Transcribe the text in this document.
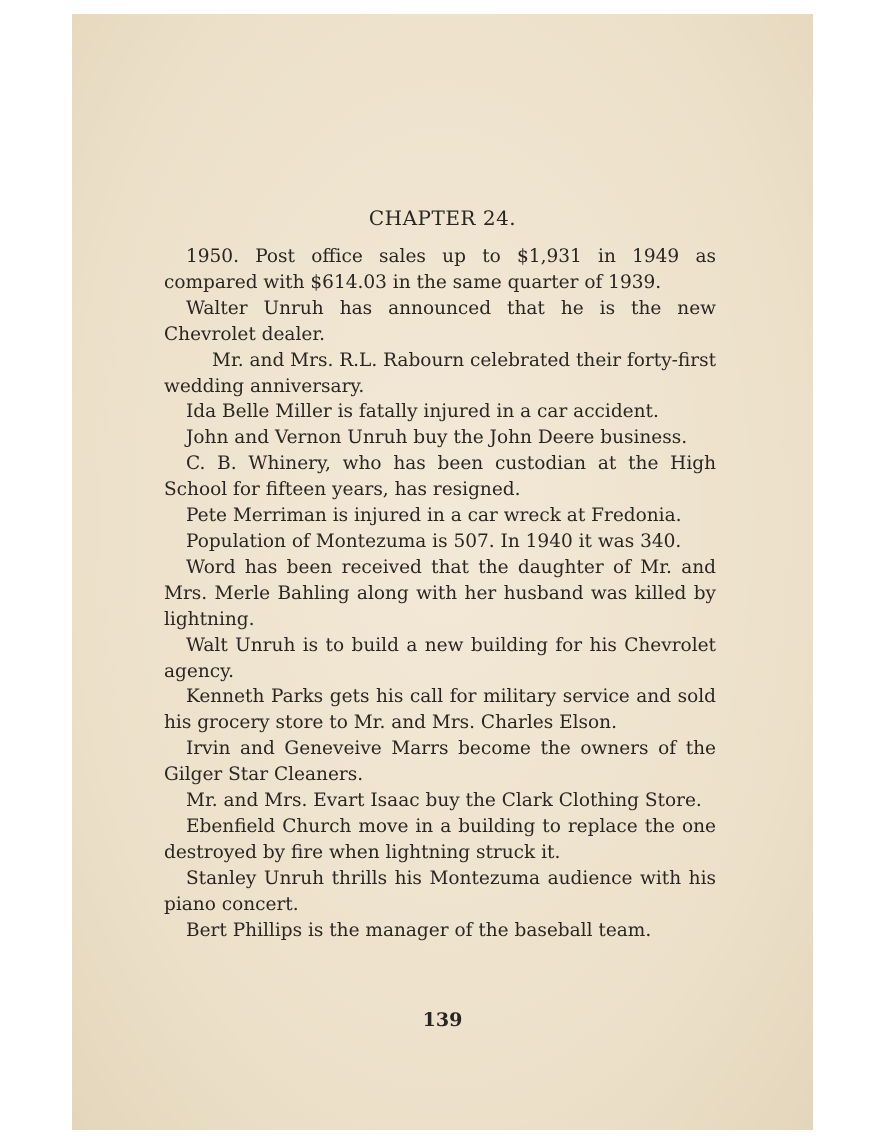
CHAPTER 24.

1950. Post office sales up to $1,931 in 1949 as compared with $614.03 in the same quarter of 1939.

Walter Unruh has announced that he is the new Chevrolet dealer.

Mr. and Mrs. R.L. Rabourn celebrated their forty-first wedding anniversary.

Ida Belle Miller is fatally injured in a car accident.

John and Vernon Unruh buy the John Deere business.

C. B. Whinery, who has been custodian at the High School for fifteen years, has resigned.

Pete Merriman is injured in a car wreck at Fredonia.

Population of Montezuma is 507. In 1940 it was 340.

Word has been received that the daughter of Mr. and Mrs. Merle Bahling along with her husband was killed by lightning.

Walt Unruh is to build a new building for his Chevrolet agency.

Kenneth Parks gets his call for military service and sold his grocery store to Mr. and Mrs. Charles Elson.

Irvin and Geneveive Marrs become the owners of the Gilger Star Cleaners.

Mr. and Mrs. Evart Isaac buy the Clark Clothing Store.

Ebenfield Church move in a building to replace the one destroyed by fire when lightning struck it.

Stanley Unruh thrills his Montezuma audience with his piano concert.

Bert Phillips is the manager of the baseball team.

139
